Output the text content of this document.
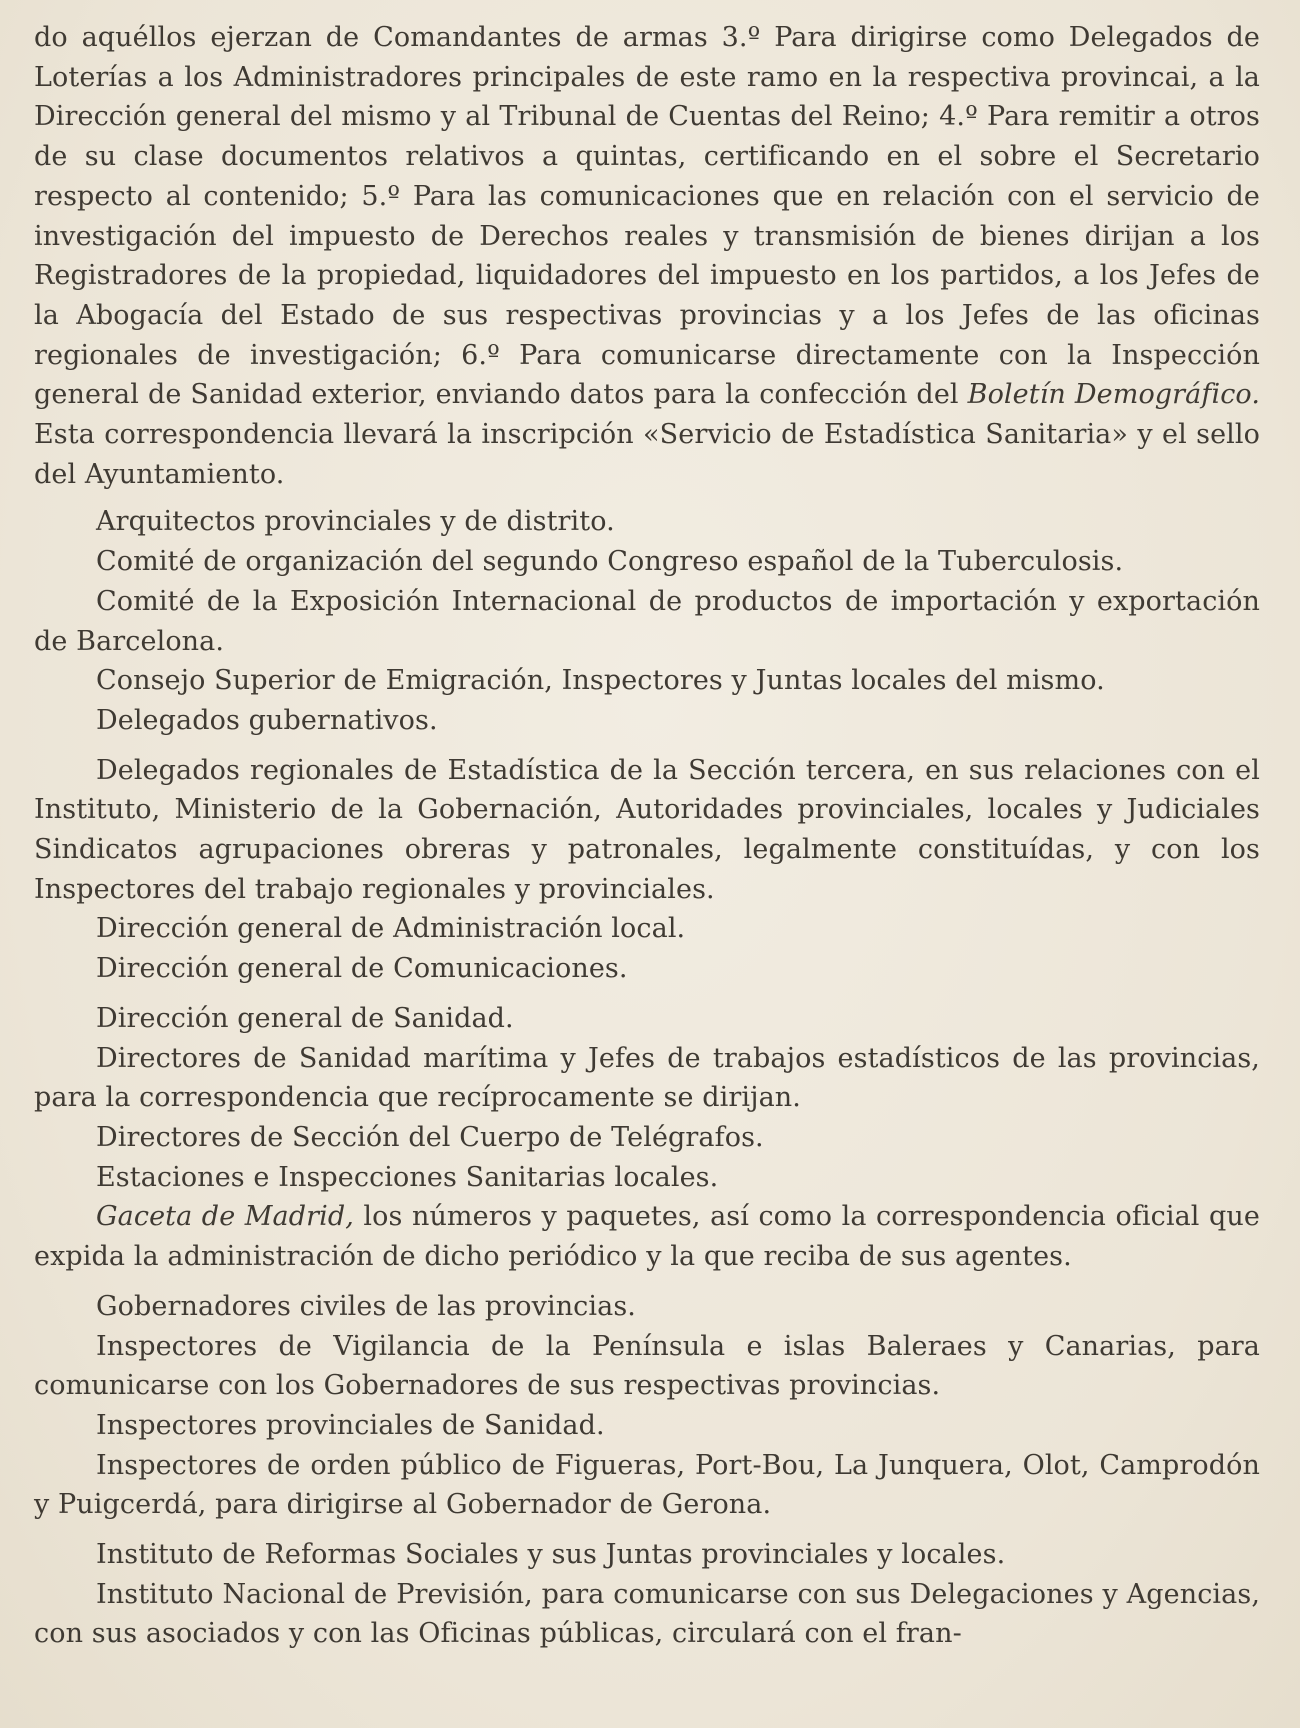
do aquéllos ejerzan de Comandantes de armas 3.º Para dirigirse como Delegados de Loterías a los Administradores principales de este ramo en la respectiva provincai, a la Dirección general del mismo y al Tribunal de Cuentas del Reino; 4.º Para remitir a otros de su clase documentos relativos a quintas, certificando en el sobre el Secretario respecto al contenido; 5.º Para las comunicaciones que en relación con el servicio de investigación del impuesto de Derechos reales y transmisión de bienes dirijan a los Registradores de la propiedad, liquidadores del impuesto en los partidos, a los Jefes de la Abogacía del Estado de sus respectivas provincias y a los Jefes de las oficinas regionales de investigación; 6.º Para comunicarse directamente con la Inspección general de Sanidad exterior, enviando datos para la confección del Boletín Demográfico. Esta correspondencia llevará la inscripción «Servicio de Estadística Sanitaria» y el sello del Ayuntamiento.

Arquitectos provinciales y de distrito.

Comité de organización del segundo Congreso español de la Tuberculosis.

Comité de la Exposición Internacional de productos de importación y exportación de Barcelona.

Consejo Superior de Emigración, Inspectores y Juntas locales del mismo.

Delegados gubernativos.

Delegados regionales de Estadística de la Sección tercera, en sus relaciones con el Instituto, Ministerio de la Gobernación, Autoridades provinciales, locales y Judiciales Sindicatos agrupaciones obreras y patronales, legalmente constituídas, y con los Inspectores del trabajo regionales y provinciales.

Dirección general de Administración local.

Dirección general de Comunicaciones.

Dirección general de Sanidad.

Directores de Sanidad marítima y Jefes de trabajos estadísticos de las provincias, para la correspondencia que recíprocamente se dirijan.

Directores de Sección del Cuerpo de Telégrafos.

Estaciones e Inspecciones Sanitarias locales.

Gaceta de Madrid, los números y paquetes, así como la correspondencia oficial que expida la administración de dicho periódico y la que reciba de sus agentes.

Gobernadores civiles de las provincias.

Inspectores de Vigilancia de la Península e islas Baleraes y Canarias, para comunicarse con los Gobernadores de sus respectivas provincias.

Inspectores provinciales de Sanidad.

Inspectores de orden público de Figueras, Port-Bou, La Junquera, Olot, Camprodón y Puigcerdá, para dirigirse al Gobernador de Gerona.

Instituto de Reformas Sociales y sus Juntas provinciales y locales.

Instituto Nacional de Previsión, para comunicarse con sus Delegaciones y Agencias, con sus asociados y con las Oficinas públicas, circulará con el fran-
